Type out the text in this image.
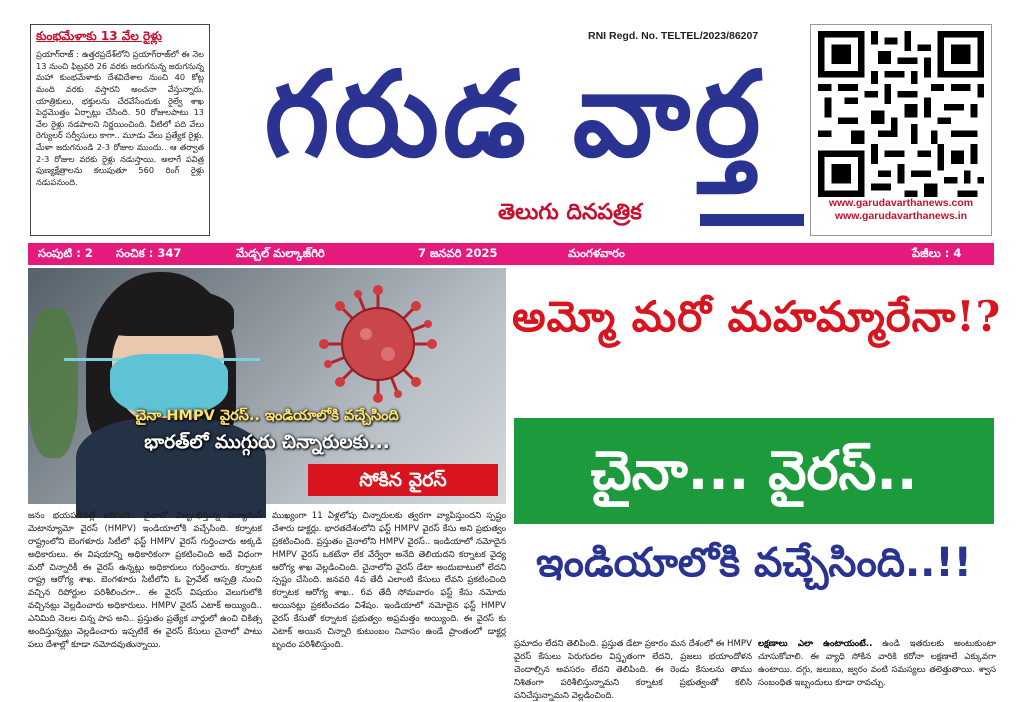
కుంభమేళాకు 13 వేల రైళ్లు

ప్రయాగ్‌రాజ్ : ఉత్తరప్రదేశ్‌లోని ప్రయాగ్‌రాజ్‌లో ఈ నెల 13 నుంచి ఫిబ్రవరి 26 వరకు జరుగనున్న జరుగనున్న మహా కుంభమేళాకు దేశవిదేశాల నుంచి 40 కోట్ల మంది వరకు వస్తారని అంచనా వేస్తున్నారు. యాత్రికులు, భక్తులను చేరవేసేందుకు రైల్వే శాఖ పెద్దమొత్తం ఏర్పాట్లు చేసింది. 50 రోజులపాటు 13 వేల రైళ్లు నడపాలని నిర్ణయించింది. వీటిలో పది వేలు రెగ్యులర్ సర్వీసులు కాగా.. మూడు వేలు ప్రత్యేక రైళ్లు. మేళా జరుగనుండి 2-3 రోజుల ముందు.. ఆ తర్వాత 2-3 రోజుల వరకు రైళ్లు నడుస్తాయి. అలాగే పవిత్ర పుణ్యక్షేత్రాలను కలుపుతూ 560 రింగ్ రైళ్లు నడుపనుంది.

RNI Regd. No. TELTEL/2023/86207
గరుడ వార్త
తెలుగు దినపత్రిక	www.garudavarthanews.com
www.garudavarthanews.in
సంపుటి : 2	సంచిక : 347	మేడ్చల్ మల్కాజ్‌గిరి	7 జనవరి 2025	మంగళవారం	పేజీలు : 4
చైనా HMPV వైరస్.. ఇండియాలోకి వచ్చేసింది
భారత్‌లో ముగ్గురు చిన్నారులకు...
సోకిన వైరస్
అమ్మో మరో మహమ్మారేనా!?
చైనా... వైరస్..
ఇండియాలోకి వచ్చేసింది..!!
జనం భయపడినట్లే జరిగింది.. చైనాలో విజృంభిస్తున్న హ్యూమన్ మెటాన్యూమో వైరస్ (HMPV) ఇండియాలోకి వచ్చేసింది. కర్నాటక రాష్ట్రంలోని బెంగళూరు సిటీలో ఫస్ట్ HMPV వైరస్ గుర్తించారు అక్కడి అధికారులు. ఈ విషయాన్ని అధికారికంగా ప్రకటించింది అదే విధంగా మరో చిన్నారికీ ఈ వైరస్ ఉన్నట్లు అధికారులు గుర్తించారు. కర్నాటక రాష్ట్ర ఆరోగ్య శాఖ. బెంగళూరు సిటీలోని ఓ ప్రైవేట్ ఆస్పత్రి నుంచి వచ్చిన రిపోర్టుల పరిశీలించగా.. ఈ వైరస్ విషయం వెలుగులోకి వచ్చినట్లు వెల్లడించారు అధికారులు. HMPV వైరస్ ఎటాక్ అయ్యింది.. ఎనిమిది నెలల చిన్న పాప అని.. ప్రస్తుతం ప్రత్యేక వార్డులో ఉంచి చికిత్స అందిస్తున్నట్లు వెల్లడించారు ఇప్పటికే ఈ వైరస్ కేసులు చైనాలో పాటు పలు దేశాల్లో కూడా నమోదవుతున్నాయి.
ముఖ్యంగా 11 ఏళ్లలోపు చిన్నారులకు త్వరగా వ్యాపిస్తుందని స్పష్టం చేశారు డాక్టర్లు. భారతదేశంలోని ఫస్ట్ HMPV వైరస్ కేసు అని ప్రభుత్వం ప్రకటించింది. ప్రస్తుతం చైనాలోని HMPV వైరస్.. ఇండియాలో నమోదైన HMPV వైరస్ ఒకటేనా లేక వేర్వేరా అనేది తెలియదని కర్నాటక వైద్య ఆరోగ్య శాఖ వెల్లడించింది. చైనాలోని వైరస్ డేటా అందుబాటులో లేదని స్పష్టం చేసింది. జనవరి 4వ తేదీ ఎలాంటి కేసులు లేవని ప్రకటించింది కర్నాటక ఆరోగ్య శాఖ.. 6వ తేదీ సోమవారం ఫస్ట్ కేసు నమోదు అయినట్లు ప్రకటించడం విశేషం. ఇండియాలో నమోదైన ఫస్ట్ HMPV వైరస్ కేసుతో కర్నాటక ప్రభుత్వం అప్రమత్తం అయ్యింది. ఈ వైరస్ కు ఎటాక్ అయిన చిన్నారి కుటుంబం నివాసం ఉండే ప్రాంతంలో డాక్టర్ల బృందం పరిశీలిస్తుంది.	ప్రమాదం లేదని తెలిపింది. ప్రస్తుత డేటా ప్రకారం మన దేశంలో ఈ HMPV వైరస్ కేసులు పెరుగుదల విస్తృతంగా లేదని, ప్రజలు భయాందోళన చెందాల్సిన అవసరం లేదని తెలిపింది. ఈ రెండు కేసులను తాము నిశితంగా పరిశీలిస్తున్నామని కర్నాటక ప్రభుత్వంతో కలిసి పనిచేస్తున్నామని వెల్లడించింది.
లక్షణాలు ఎలా ఉంటాయంటే.. ఉండి ఇతరులకు అంటుకుంటా చూసుకోవాలి. ఈ వ్యాధి సోకిన వారికి కరోనా లక్షణాలే ఎక్కువగా ఉంటాయి. దగ్గు, జలుబు, జ్వరం వంటి సమస్యలు తలెత్తుతాయి. శ్వాస సంబంధిత ఇబ్బందులు కూడా రావచ్చు.
